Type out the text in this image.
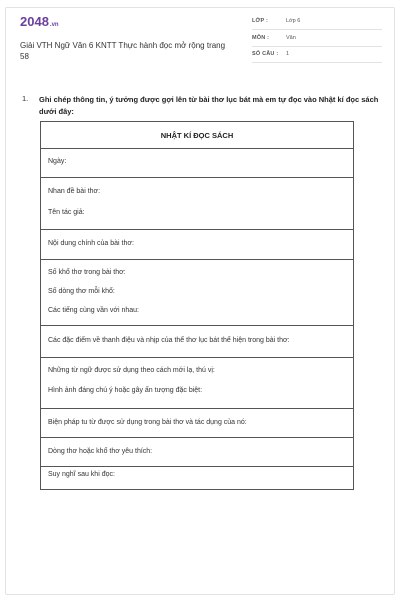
2048.vn
Giải VTH Ngữ Văn 6 KNTT Thực hành đọc mở rộng trang 58
LỚP :	Lớp 6
MÔN :	Văn
SỐ CÂU : 1
1. Ghi chép thông tin, ý tưởng được gợi lên từ bài thơ lục bát mà em tự đọc vào Nhật kí đọc sách dưới đây:
NHẬT KÍ ĐỌC SÁCH
Ngày:
Nhan đề bài thơ:
Tên tác giả:
Nội dung chính của bài thơ:
Số khổ thơ trong bài thơ:
Số dòng thơ mỗi khổ:
Các tiếng cùng vần với nhau:
Các đặc điểm về thanh điệu và nhịp của thể thơ lục bát thể hiện trong bài thơ:
Những từ ngữ được sử dụng theo cách mới lạ, thú vị:
Hình ảnh đáng chú ý hoặc gây ấn tượng đặc biệt:
Biện pháp tu từ được sử dụng trong bài thơ và tác dụng của nó:
Dòng thơ hoặc khổ thơ yêu thích:
Suy nghĩ sau khi đọc:
